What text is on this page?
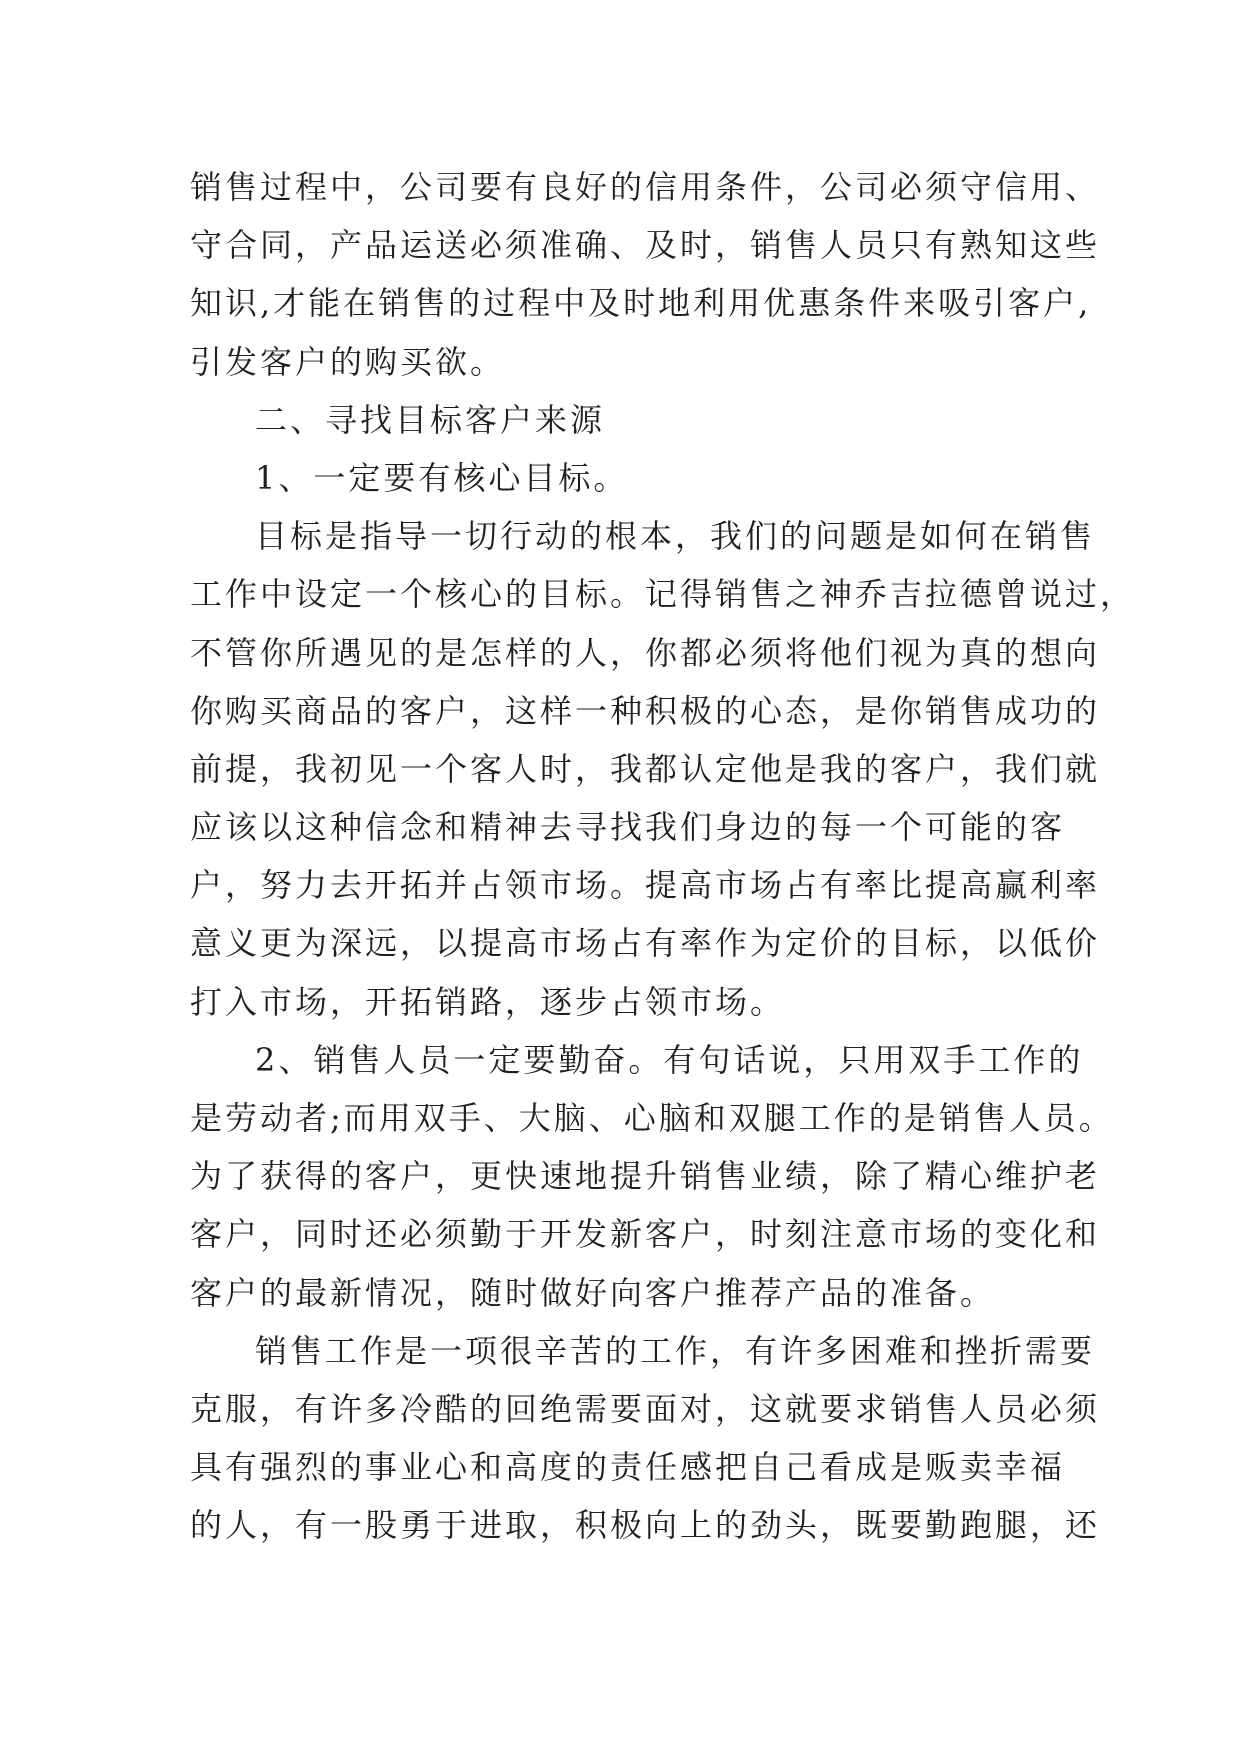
销售过程中，公司要有良好的信用条件，公司必须守信用、
守合同，产品运送必须准确、及时，销售人员只有熟知这些
知识,才能在销售的过程中及时地利用优惠条件来吸引客户,
引发客户的购买欲。
二、寻找目标客户来源
1、一定要有核心目标。
目标是指导一切行动的根本，我们的问题是如何在销售
工作中设定一个核心的目标。记得销售之神乔吉拉德曾说过，
不管你所遇见的是怎样的人，你都必须将他们视为真的想向
你购买商品的客户，这样一种积极的心态，是你销售成功的
前提，我初见一个客人时，我都认定他是我的客户，我们就
应该以这种信念和精神去寻找我们身边的每一个可能的客
户，努力去开拓并占领市场。提高市场占有率比提高赢利率
意义更为深远，以提高市场占有率作为定价的目标，以低价
打入市场，开拓销路，逐步占领市场。
2、销售人员一定要勤奋。有句话说，只用双手工作的
是劳动者;而用双手、大脑、心脑和双腿工作的是销售人员。
为了获得的客户，更快速地提升销售业绩，除了精心维护老
客户，同时还必须勤于开发新客户，时刻注意市场的变化和
客户的最新情况，随时做好向客户推荐产品的准备。
销售工作是一项很辛苦的工作，有许多困难和挫折需要
克服，有许多冷酷的回绝需要面对，这就要求销售人员必须
具有强烈的事业心和高度的责任感把自己看成是贩卖幸福
的人，有一股勇于进取，积极向上的劲头，既要勤跑腿，还
